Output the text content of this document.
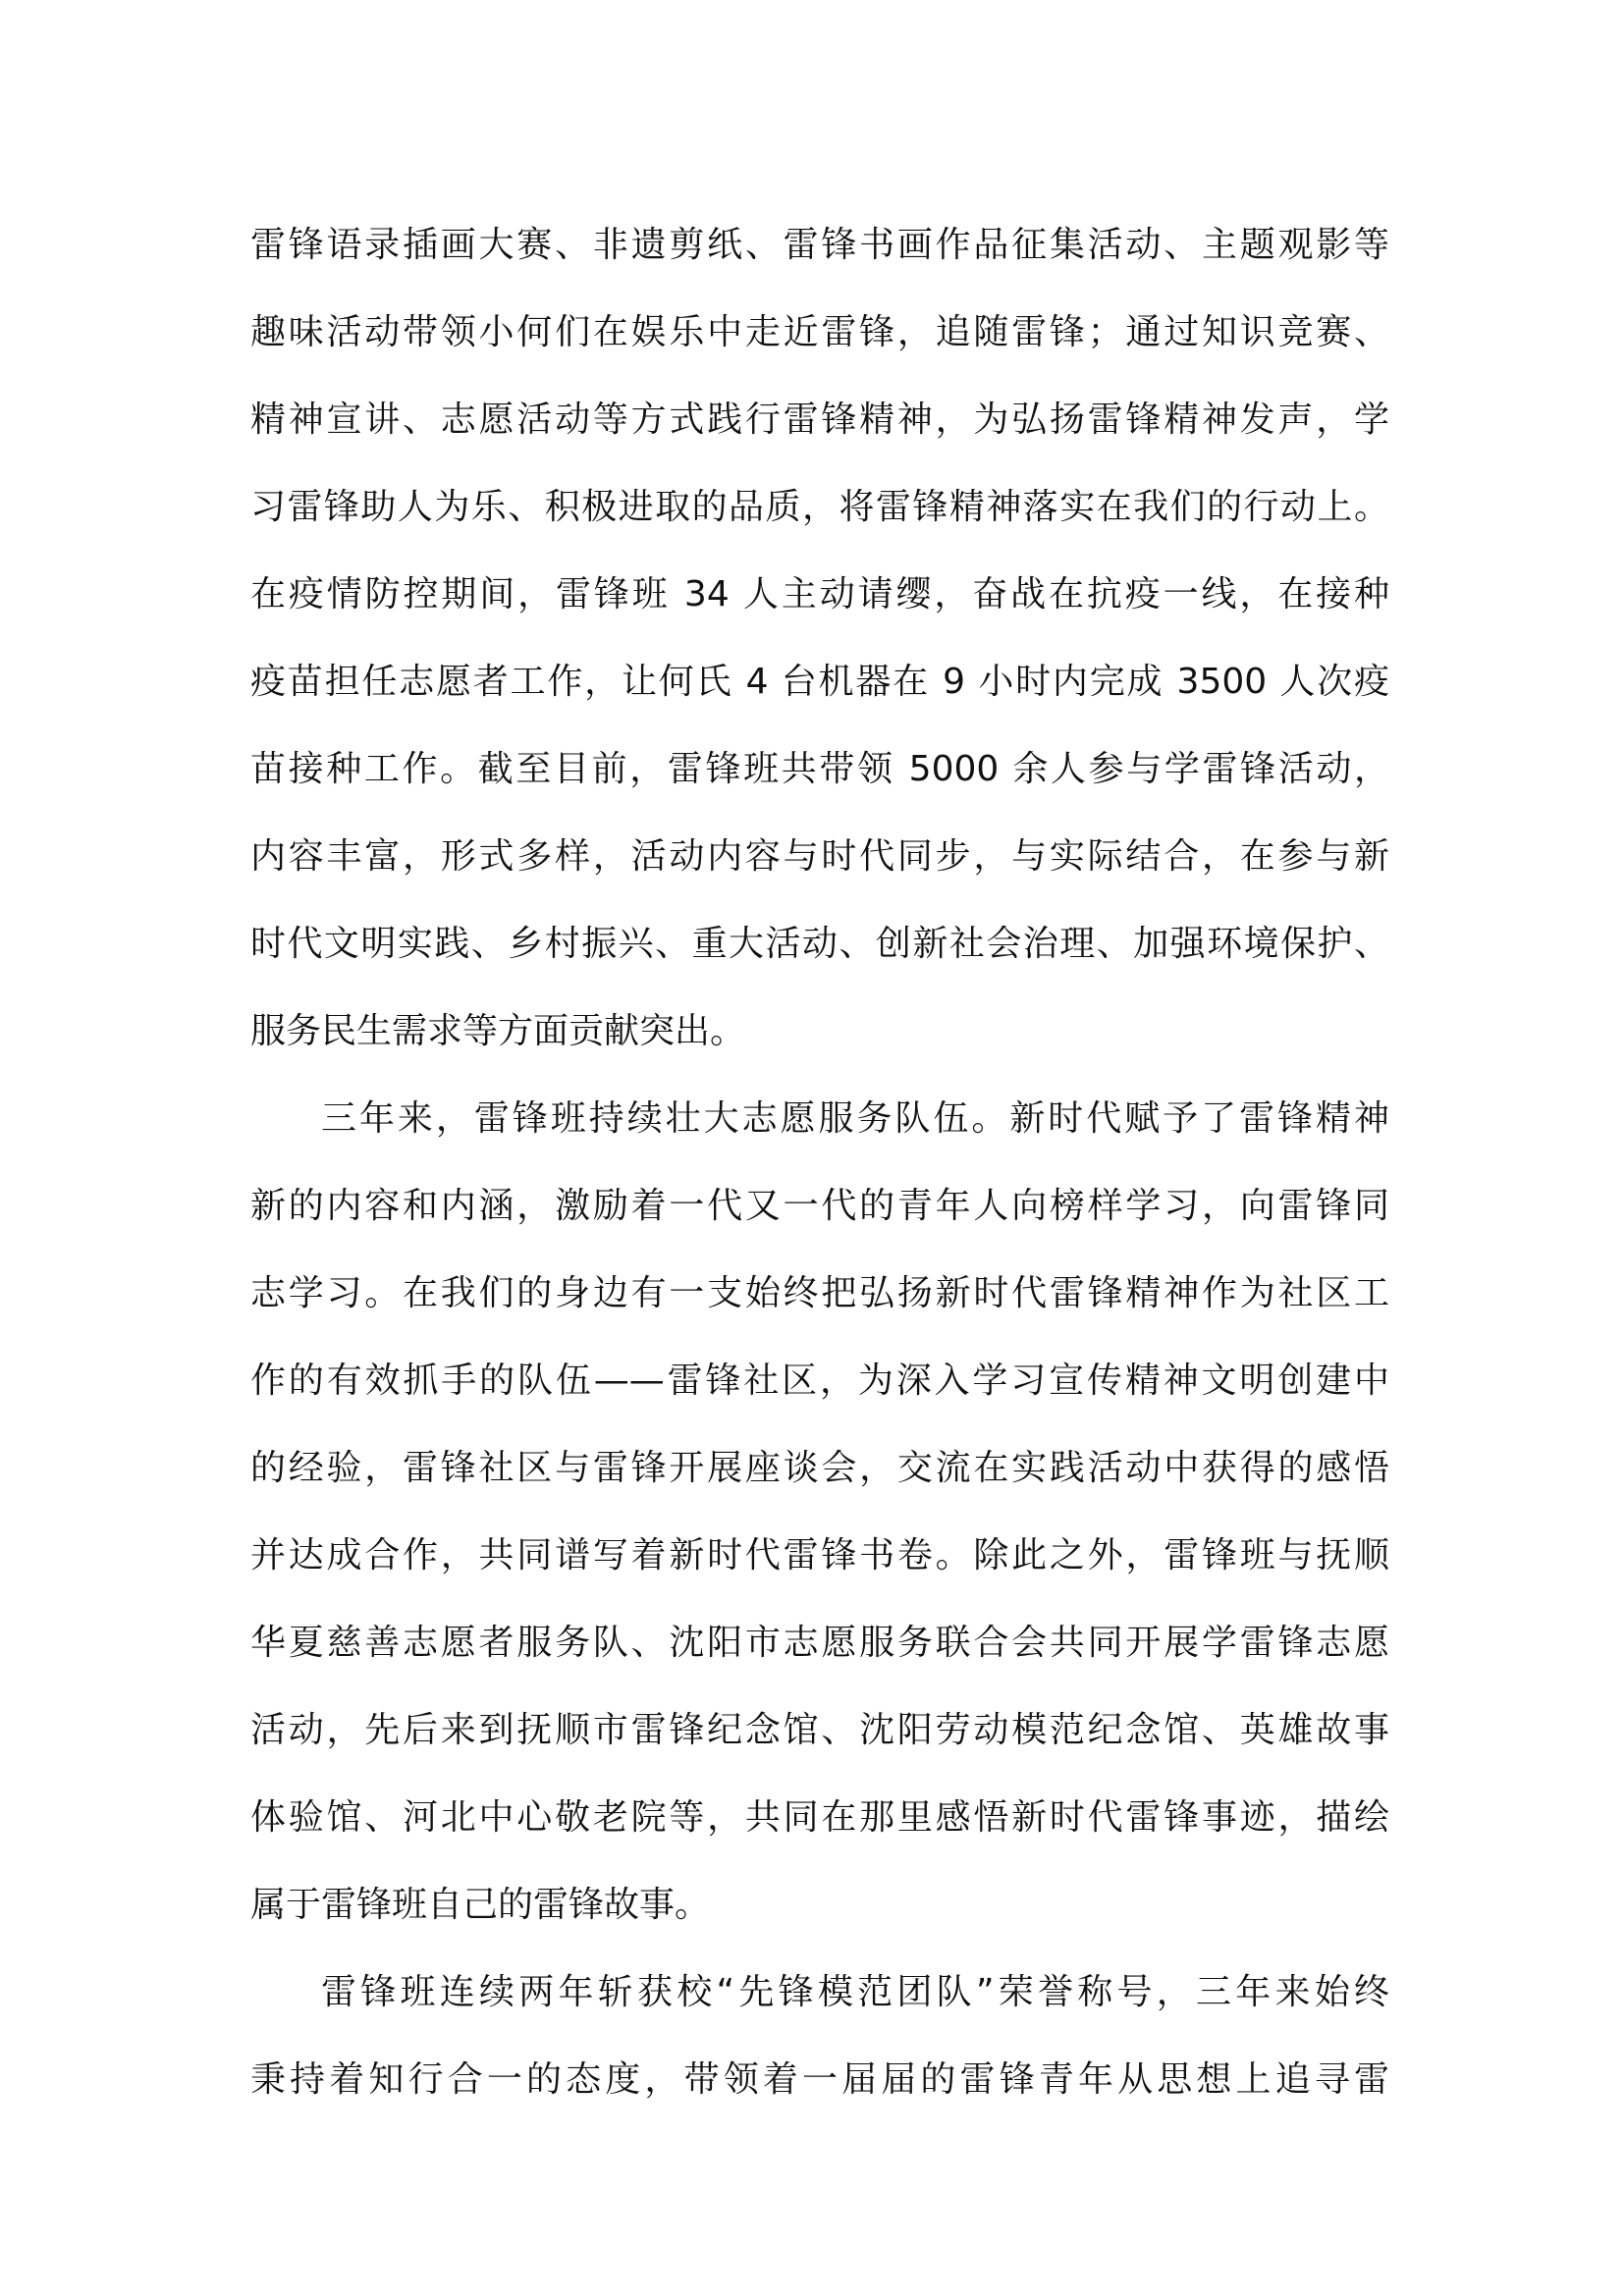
雷锋语录插画大赛、非遗剪纸、雷锋书画作品征集活动、主题观影等
趣味活动带领小何们在娱乐中走近雷锋，追随雷锋；通过知识竞赛、
精神宣讲、志愿活动等方式践行雷锋精神，为弘扬雷锋精神发声，学
习雷锋助人为乐、积极进取的品质，将雷锋精神落实在我们的行动上。
在疫情防控期间，雷锋班 34 人主动请缨，奋战在抗疫一线，在接种
疫苗担任志愿者工作，让何氏 4 台机器在 9 小时内完成 3500 人次疫
苗接种工作。截至目前，雷锋班共带领 5000 余人参与学雷锋活动，
内容丰富，形式多样，活动内容与时代同步，与实际结合，在参与新
时代文明实践、乡村振兴、重大活动、创新社会治理、加强环境保护、
服务民生需求等方面贡献突出。
三年来，雷锋班持续壮大志愿服务队伍。新时代赋予了雷锋精神
新的内容和内涵，激励着一代又一代的青年人向榜样学习，向雷锋同
志学习。在我们的身边有一支始终把弘扬新时代雷锋精神作为社区工
作的有效抓手的队伍——雷锋社区，为深入学习宣传精神文明创建中
的经验，雷锋社区与雷锋开展座谈会，交流在实践活动中获得的感悟
并达成合作，共同谱写着新时代雷锋书卷。除此之外，雷锋班与抚顺
华夏慈善志愿者服务队、沈阳市志愿服务联合会共同开展学雷锋志愿
活动，先后来到抚顺市雷锋纪念馆、沈阳劳动模范纪念馆、英雄故事
体验馆、河北中心敬老院等，共同在那里感悟新时代雷锋事迹，描绘
属于雷锋班自己的雷锋故事。
雷锋班连续两年斩获校“先锋模范团队”荣誉称号，三年来始终
秉持着知行合一的态度，带领着一届届的雷锋青年从思想上追寻雷
